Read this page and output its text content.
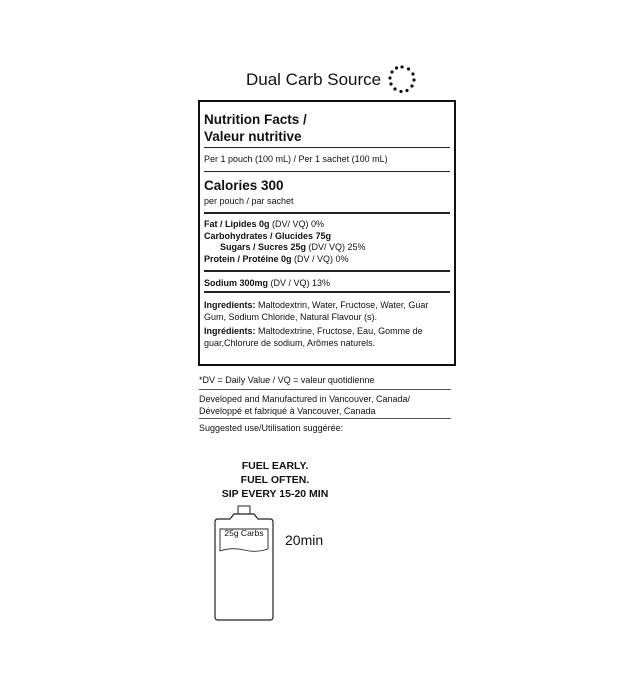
Dual Carb Source
Nutrition Facts /
Valeur nutritive
Per 1 pouch (100 mL) / Per 1 sachet (100 mL)
Calories 300
per pouch / par sachet
Fat / Lipides 0g (DV/ VQ) 0%
Carbohydrates / Glucides 75g
Sugars / Sucres 25g (DV/ VQ) 25%
Protein / Protéine 0g (DV / VQ) 0%
Sodium 300mg (DV / VQ) 13%
Ingredients: Maltodextrin, Water, Fructose, Water, Guar Gum, Sodium Chloride, Natural Flavour (s).
Ingrédients: Maltodextrine, Fructose, Eau, Gomme de guar,Chlorure de sodium, Arômes naturels.
*DV = Daily Value / VQ = valeur quotidienne
Developed and Manufactured in Vancouver, Canada/
Développé et fabriqué à Vancouver, Canada
Suggested use/Utilisation suggérée:
FUEL EARLY.
FUEL OFTEN.
SIP EVERY 15-20 MIN
25g Carbs	20min
